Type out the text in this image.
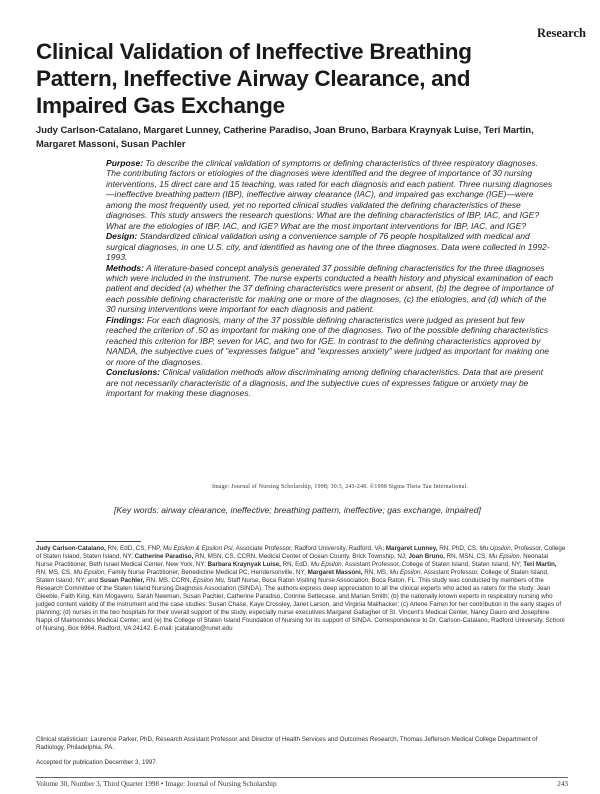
Research
Clinical Validation of Ineffective Breathing Pattern, Ineffective Airway Clearance, and Impaired Gas Exchange
Judy Carlson-Catalano, Margaret Lunney, Catherine Paradiso, Joan Bruno, Barbara Kraynyak Luise, Teri Martin, Margaret Massoni, Susan Pachler

Purpose: To describe the clinical validation of symptoms or defining characteristics of three respiratory diagnoses. The contributing factors or etiologies of the diagnoses were identified and the degree of importance of 30 nursing interventions, 15 direct care and 15 teaching, was rated for each diagnosis and each patient. Three nursing diagnoses—ineffective breathing pattern (IBP), ineffective airway clearance (IAC), and impaired gas exchange (IGE)—were among the most frequently used, yet no reported clinical studies validated the defining characteristics of these diagnoses. This study answers the research questions: What are the defining characteristics of IBP, IAC, and IGE? What are the etiologies of IBP, IAC, and IGE? What are the most important interventions for IBP, IAC, and IGE?

Design: Standardized clinical validation using a convenience sample of 76 people hospitalized with medical and surgical diagnoses, in one U.S. city, and identified as having one of the three diagnoses. Data were collected in 1992-1993.

Methods: A literature-based concept analysis generated 37 possible defining characteristics for the three diagnoses which were included in the instrument. The nurse experts conducted a health history and physical examination of each patient and decided (a) whether the 37 defining characteristics were present or absent, (b) the degree of importance of each possible defining characteristic for making one or more of the diagnoses, (c) the etiologies, and (d) which of the 30 nursing interventions were important for each diagnosis and patient.

Findings: For each diagnosis, many of the 37 possible defining characteristics were judged as present but few reached the criterion of .50 as important for making one of the diagnoses. Two of the possible defining characteristics reached this criterion for IBP, seven for IAC, and two for IGE. In contrast to the defining characteristics approved by NANDA, the subjective cues of "expresses fatigue" and "expresses anxiety" were judged as important for making one or more of the diagnoses.

Conclusions: Clinical validation methods allow discriminating among defining characteristics. Data that are present are not necessarily characteristic of a diagnosis, and the subjective cues of expresses fatigue or anxiety may be important for making these diagnoses.

Image: Journal of Nursing Scholarship, 1998; 30:3, 243-248. ©1998 Sigma Theta Tau International.
[Key words: airway clearance, ineffective; breathing pattern, ineffective; gas exchange, impaired]
Judy Carlson-Catalano, RN, EdD, CS, FNP, Mu Epsilon & Epsilon Psi, Associate Professor, Radford University, Radford, VA; Margaret Lunney, RN, PhD, CS, Mu Upsilon, Professor, College of Staten Island, Staten Island, NY; Catherine Paradiso, RN, MSN, CS, CCRN, Medical Center of Ocean County, Brick Township, NJ; Joan Bruno, RN, MSN, CS, Mu Epsilon, Neonatal Nurse Practitioner, Beth Israel Medical Center, New York, NY; Barbara Kraynyak Luise, RN, EdD, Mu Epsilon, Assistant Professor, College of Staten Island, Staten Island, NY; Teri Martin, RN, MS, CS, Mu Epsilon, Family Nurse Practitioner, Benedictine Medical PC, Hendersonville, NY; Margaret Massoni, RN, MS, Mu Epsilon, Assistant Professor, College of Staten Island, Staten Island, NY; and Susan Pachler, RN, MS, CCRN, Epsilon Mu, Staff Nurse, Boca Raton Visiting Nurse Association, Boca Raton, FL. This study was conducted by members of the Research Committee of the Staten Island Nursing Diagnosis Association (SINDA). The authors express deep appreciation to all the clinical experts who acted as raters for the study: Jean Gleeble, Faith King, Kim Mogavero, Sarah Newman, Susan Pachler, Catherine Paradiso, Corinne Settecase, and Marian Smith; (b) the nationally known experts in respiratory nursing who judged content validity of the instrument and the case studies: Susan Chase, Kaye Crossley, Janet Larson, and Virginia Mailhacker; (c) Arlene Farren for her contribution in the early stages of planning; (d) nurses in the two hospitals for their overall support of the study, especially nurse executives Margaret Gallagher of St. Vincent's Medical Center, Nancy Dauro and Josephine Nappi of Maimonides Medical Center; and (e) the College of Staten Island Foundation of Nursing for its support of SINDA. Correspondence to Dr. Carlson-Catalano, Radford University, School of Nursing, Box 6964, Radford, VA 24142. E-mail: jcatalano@runet.edu
Clinical statistician: Laurence Parker, PhD, Research Assistant Professor and Director of Health Services and Outcomes Research, Thomas Jefferson Medical College Department of Radiology, Philadelphia, PA.
Accepted for publication December 3, 1997.
Volume 30, Number 3, Third Quarter 1998 • Image: Journal of Nursing Scholarship	243
